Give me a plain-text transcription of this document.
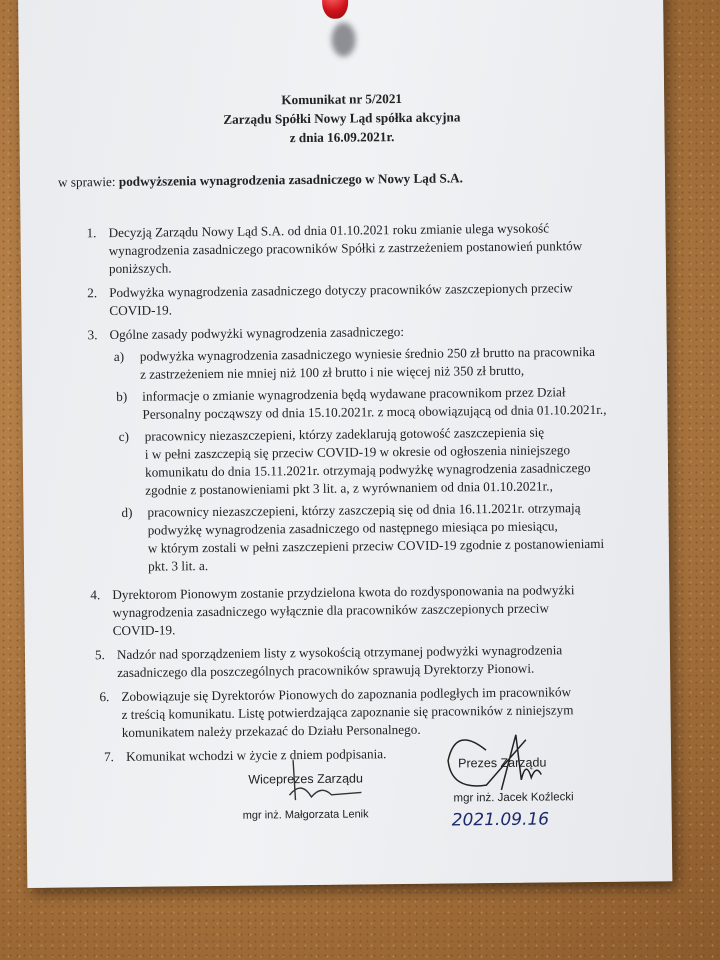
Komunikat nr 5/2021
Zarządu Spółki Nowy Ląd spółka akcyjna
z dnia 16.09.2021r.
w sprawie: podwyższenia wynagrodzenia zasadniczego w Nowy Ląd S.A.
1. Decyzją Zarządu Nowy Ląd S.A. od dnia 01.10.2021 roku zmianie ulega wysokość
wynagrodzenia zasadniczego pracowników Spółki z zastrzeżeniem postanowień punktów
poniższych.
2. Podwyżka wynagrodzenia zasadniczego dotyczy pracowników zaszczepionych przeciw
COVID-19.
3. Ogólne zasady podwyżki wynagrodzenia zasadniczego:
a) podwyżka wynagrodzenia zasadniczego wyniesie średnio 250 zł brutto na pracownika
z zastrzeżeniem nie mniej niż 100 zł brutto i nie więcej niż 350 zł brutto,
b) informacje o zmianie wynagrodzenia będą wydawane pracownikom przez Dział
Personalny począwszy od dnia 15.10.2021r. z mocą obowiązującą od dnia 01.10.2021r.,
c) pracownicy niezaszczepieni, którzy zadeklarują gotowość zaszczepienia się
i w pełni zaszczepią się przeciw COVID-19 w okresie od ogłoszenia niniejszego
komunikatu do dnia 15.11.2021r. otrzymają podwyżkę wynagrodzenia zasadniczego
zgodnie z postanowieniami pkt 3 lit. a, z wyrównaniem od dnia 01.10.2021r.,
d) pracownicy niezaszczepieni, którzy zaszczepią się od dnia 16.11.2021r. otrzymają
podwyżkę wynagrodzenia zasadniczego od następnego miesiąca po miesiącu,
w którym zostali w pełni zaszczepieni przeciw COVID-19 zgodnie z postanowieniami
pkt. 3 lit. a.
4. Dyrektorom Pionowym zostanie przydzielona kwota do rozdysponowania na podwyżki
wynagrodzenia zasadniczego wyłącznie dla pracowników zaszczepionych przeciw
COVID-19.
5. Nadzór nad sporządzeniem listy z wysokością otrzymanej podwyżki wynagrodzenia
zasadniczego dla poszczególnych pracowników sprawują Dyrektorzy Pionowi.
6. Zobowiązuje się Dyrektorów Pionowych do zapoznania podległych im pracowników
z treścią komunikatu. Listę potwierdzająca zapoznanie się pracowników z niniejszym
komunikatem należy przekazać do Działu Personalnego.
7. Komunikat wchodzi w życie z dniem podpisania.
Wiceprezes Zarządu
mgr inż. Małgorzata Lenik
Prezes Zarządu
mgr inż. Jacek Koźlecki
2021.09.16
